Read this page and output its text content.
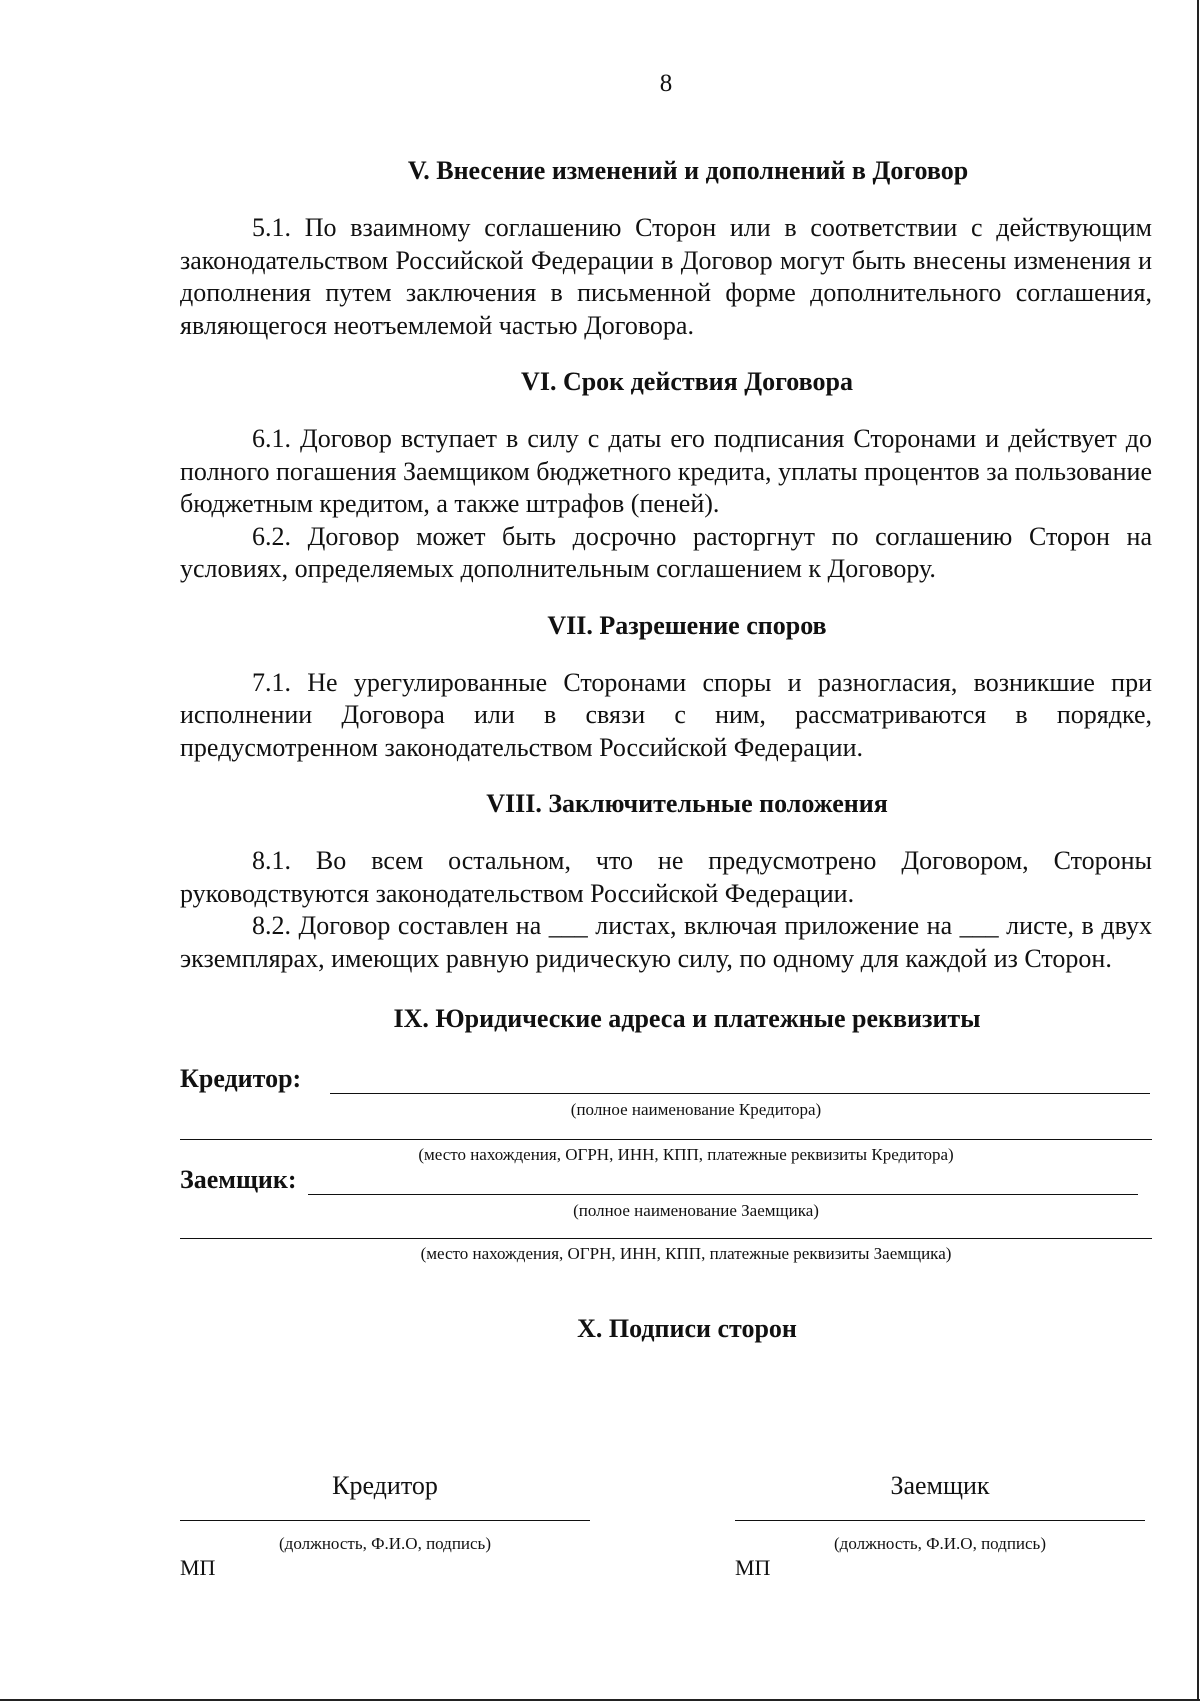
8
V. Внесение изменений и дополнений в Договор

5.1. По взаимному соглашению Сторон или в соответствии с действующим законодательством Российской Федерации в Договор могут быть внесены изменения и дополнения путем заключения в письменной форме дополнительного соглашения, являющегося неотъемлемой частью Договора.

VI. Срок действия Договора

6.1. Договор вступает в силу с даты его подписания Сторонами и действует до полного погашения Заемщиком бюджетного кредита, уплаты процентов за пользование бюджетным кредитом, а также штрафов (пеней).

6.2. Договор может быть досрочно расторгнут по соглашению Сторон на условиях, определяемых дополнительным соглашением к Договору.

VII. Разрешение споров

7.1. Не урегулированные Сторонами споры и разногласия, возникшие при исполнении Договора или в связи с ним, рассматриваются в порядке, предусмотренном законодательством Российской Федерации.

VIII. Заключительные положения

8.1. Во всем остальном, что не предусмотрено Договором, Стороны руководствуются законодательством Российской Федерации.

8.2. Договор составлен на ___ листах, включая приложение на ___ листе, в двух экземплярах, имеющих равную ридическую силу, по одному для каждой из Сторон.

IX. Юридические адреса и платежные реквизиты
Кредитор:
(полное наименование Кредитора)
(место нахождения, ОГРН, ИНН, КПП, платежные реквизиты Кредитора)
Заемщик:
(полное наименование Заемщика)
(место нахождения, ОГРН, ИНН, КПП, платежные реквизиты Заемщика)
X. Подписи сторон
Кредитор
(должность, Ф.И.О, подпись)
МП
Заемщик
(должность, Ф.И.О, подпись)
МП
